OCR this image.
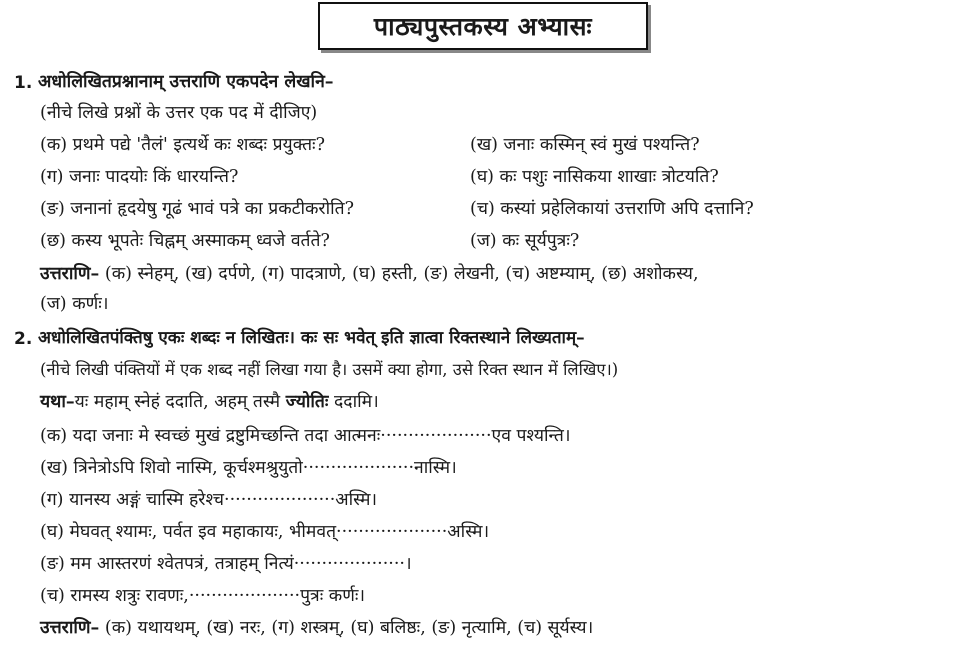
पाठ्यपुस्तकस्य अभ्यासः
1. अधोलिखितप्रश्नानाम् उत्तराणि एकपदेन लेखनि–
(नीचे लिखे प्रश्नों के उत्तर एक पद में दीजिए)
(क) प्रथमे पद्ये 'तैलं' इत्यर्थे कः शब्दः प्रयुक्तः?	(ख) जनाः कस्मिन् स्वं मुखं पश्यन्ति?
(ग) जनाः पादयोः किं धारयन्ति?	(घ) कः पशुः नासिकया शाखाः त्रोटयति?
(ङ) जनानां हृदयेषु गूढं भावं पत्रे का प्रकटीकरोति?	(च) कस्यां प्रहेलिकायां उत्तराणि अपि दत्तानि?
(छ) कस्य भूपतेः चिह्नम् अस्माकम् ध्वजे वर्तते?	(ज) कः सूर्यपुत्रः?
उत्तराणि– (क) स्नेहम्, (ख) दर्पणे, (ग) पादत्राणे, (घ) हस्ती, (ङ) लेखनी, (च) अष्टम्याम्, (छ) अशोकस्य,
(ज) कर्णः।
2. अधोलिखितपंक्तिषु एकः शब्दः न लिखितः। कः सः भवेत् इति ज्ञात्वा रिक्तस्थाने लिख्यताम्–
(नीचे लिखी पंक्तियों में एक शब्द नहीं लिखा गया है। उसमें क्या होगा, उसे रिक्त स्थान में लिखिए।)
यथा–यः महाम् स्नेहं ददाति, अहम् तस्मै ज्योतिः ददामि।
(क) यदा जनाः मे स्वच्छं मुखं द्रष्टुमिच्छन्ति तदा आत्मनः····················एव पश्यन्ति।
(ख) त्रिनेत्रोऽपि शिवो नास्मि, कूर्चश्मश्रुयुतो····················नास्मि।
(ग) यानस्य अङ्गं चास्मि हरेश्च····················अस्मि।
(घ) मेघवत् श्यामः, पर्वत इव महाकायः, भीमवत्····················अस्मि।
(ङ) मम आस्तरणं श्वेतपत्रं, तत्राहम् नित्यं····················।
(च) रामस्य शत्रुः रावणः,····················पुत्रः कर्णः।
उत्तराणि– (क) यथायथम्, (ख) नरः, (ग) शस्त्रम्, (घ) बलिष्ठः, (ङ) नृत्यामि, (च) सूर्यस्य।
